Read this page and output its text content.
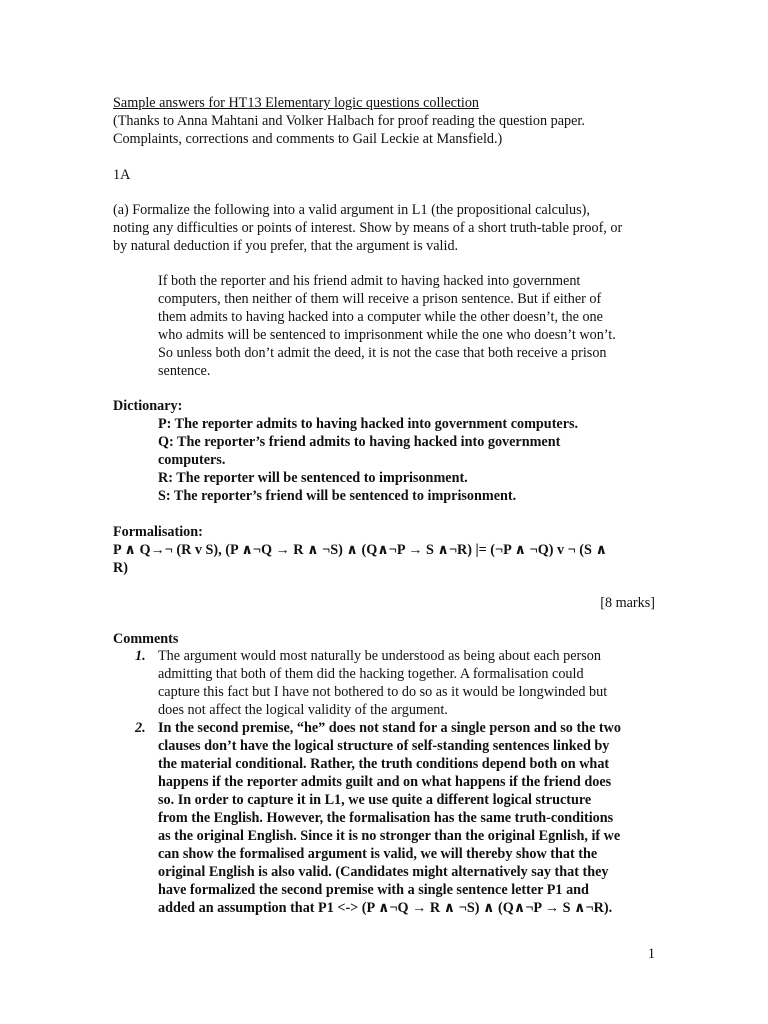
Sample answers for HT13 Elementary logic questions collection
(Thanks to Anna Mahtani and Volker Halbach for proof reading the question paper.
Complaints, corrections and comments to Gail Leckie at Mansfield.)
1A
(a) Formalize the following into a valid argument in L1 (the propositional calculus),
noting any difficulties or points of interest. Show by means of a short truth-table proof, or
by natural deduction if you prefer, that the argument is valid.
If both the reporter and his friend admit to having hacked into government
computers, then neither of them will receive a prison sentence. But if either of
them admits to having hacked into a computer while the other doesn’t, the one
who admits will be sentenced to imprisonment while the one who doesn’t won’t.
So unless both don’t admit the deed, it is not the case that both receive a prison
sentence.
Dictionary:
P: The reporter admits to having hacked into government computers.
Q: The reporter’s friend admits to having hacked into government
computers.
R: The reporter will be sentenced to imprisonment.
S: The reporter’s friend will be sentenced to imprisonment.
Formalisation:
P ∧ Q→¬ (R v S), (P ∧¬Q → R ∧ ¬S) ∧ (Q∧¬P → S ∧¬R) |= (¬P ∧ ¬Q) v ¬ (S ∧
R)
[8 marks]
Comments
1. The argument would most naturally be understood as being about each person
admitting that both of them did the hacking together. A formalisation could
capture this fact but I have not bothered to do so as it would be longwinded but
does not affect the logical validity of the argument.
2. In the second premise, “he” does not stand for a single person and so the two
clauses don’t have the logical structure of self-standing sentences linked by
the material conditional. Rather, the truth conditions depend both on what
happens if the reporter admits guilt and on what happens if the friend does
so. In order to capture it in L1, we use quite a different logical structure
from the English. However, the formalisation has the same truth-conditions
as the original English. Since it is no stronger than the original Egnlish, if we
can show the formalised argument is valid, we will thereby show that the
original English is also valid. (Candidates might alternatively say that they
have formalized the second premise with a single sentence letter P1 and
added an assumption that P1 <-> (P ∧¬Q → R ∧ ¬S) ∧ (Q∧¬P → S ∧¬R).
1
